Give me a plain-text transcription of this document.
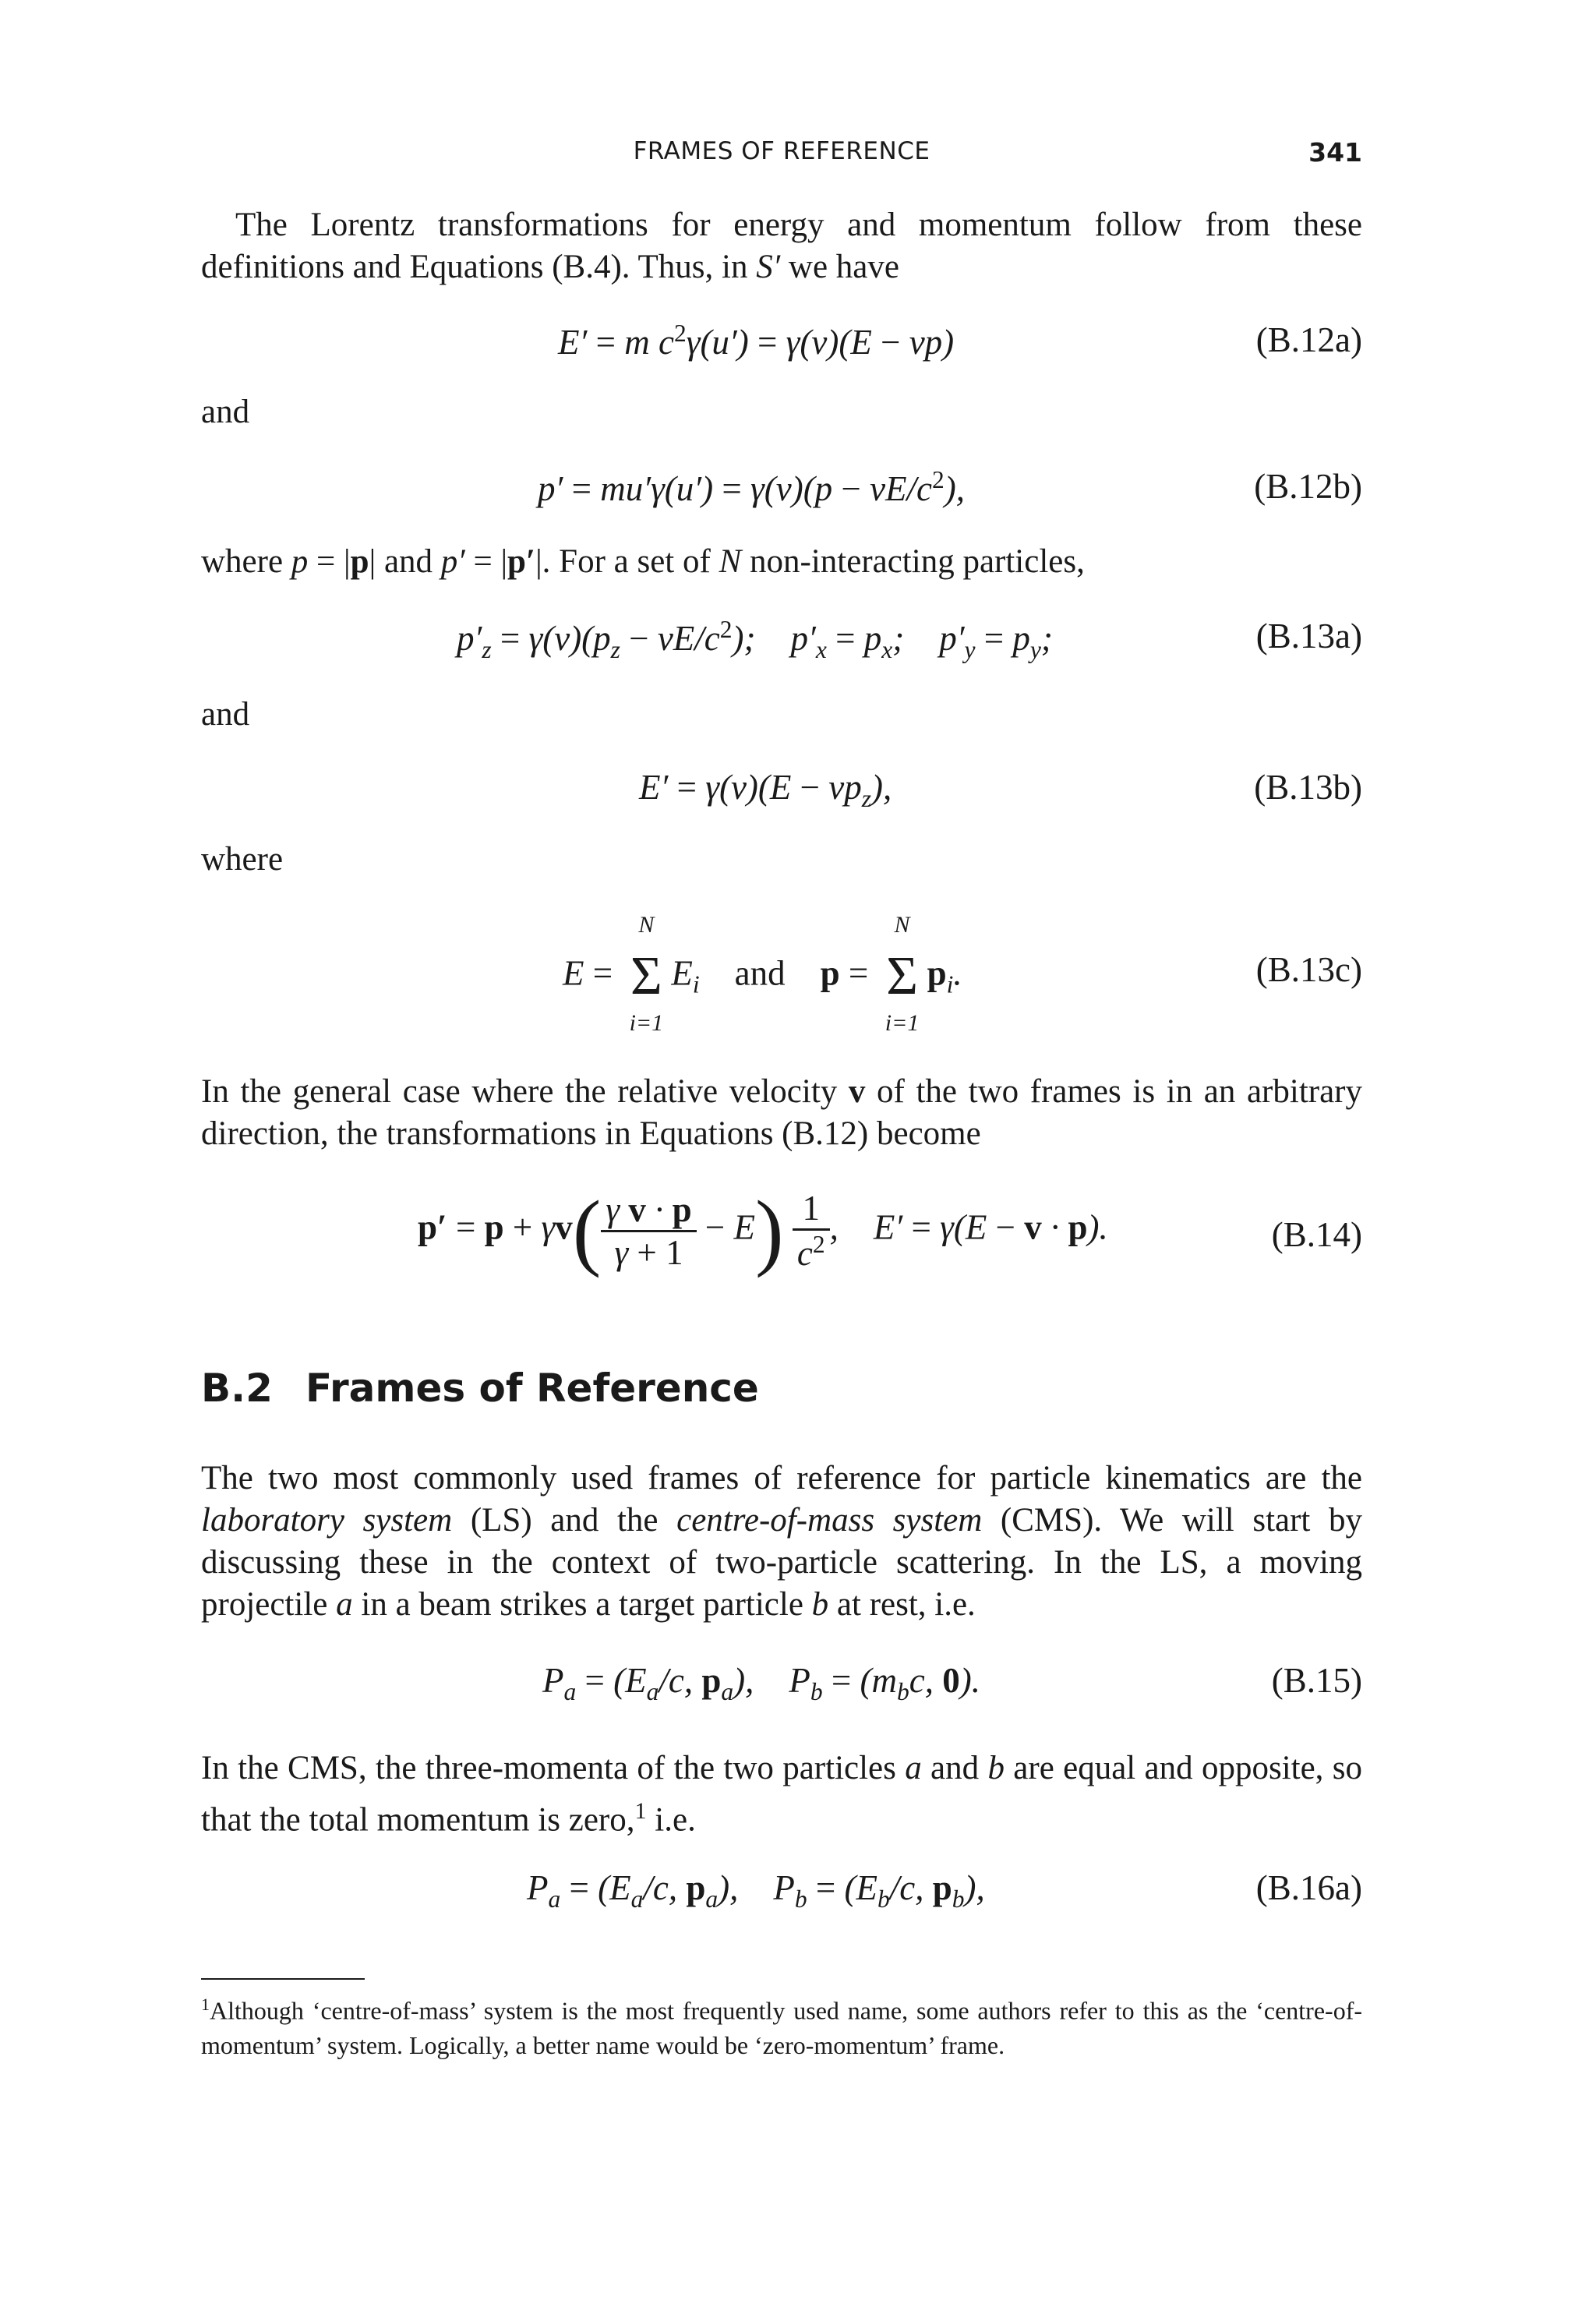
FRAMES OF REFERENCE	341
The Lorentz transformations for energy and momentum follow from these definitions and Equations (B.4). Thus, in S′ we have
E′ = m $c^2\gamma(u') = \gamma(v)(E - vp)$	(B.12a)
and
$p' = mu'\gamma(u') = \gamma(v)(p - vE/c^2)$,	(B.12b)
where p = |p| and p′ = |p′|. For a set of N non-interacting particles,
$p'_z = \gamma(v)(p_z - vE/c^2)$;    $p'_x = p_x$;    $p'_y = p_y$;	(B.13a)
and
$E' = \gamma(v)(E - vp_z)$,	(B.13b)
where
E =
N
Σ
i=1
$E_i$ and p =
N
Σ
i=1
$p_i$.	(B.13c)
In the general case where the relative velocity v of the two frames is in an arbitrary direction, the transformations in Equations (B.12) become
$p' = p + \gamma v( \frac{\text{γ v · p}}{\gamma + 1} - E) \frac{1}{c^2}$ ,    E′ = γ(E − v · p).	(B.14)
B.2 Frames of Reference
The two most commonly used frames of reference for particle kinematics are the laboratory system (LS) and the centre-of-mass system (CMS). We will start by discussing these in the context of two-particle scattering. In the LS, a moving projectile a in a beam strikes a target particle b at rest, i.e.
$P_a = (E_a/c$, $p_a$),    $P_b = (m_bc$, 0).	(B.15)
In the CMS, the three-momenta of the two particles a and b are equal and opposite, so that the total momentum is zero,$^1$ i.e.
$P_a = (E_a/c$, $p_a$),    $P_b = (E_b/c$, $p_b$),	(B.16a)
$^1$Although ‘centre-of-mass’ system is the most frequently used name, some authors refer to this as the ‘centre-of-momentum’ system. Logically, a better name would be ‘zero-momentum’ frame.
